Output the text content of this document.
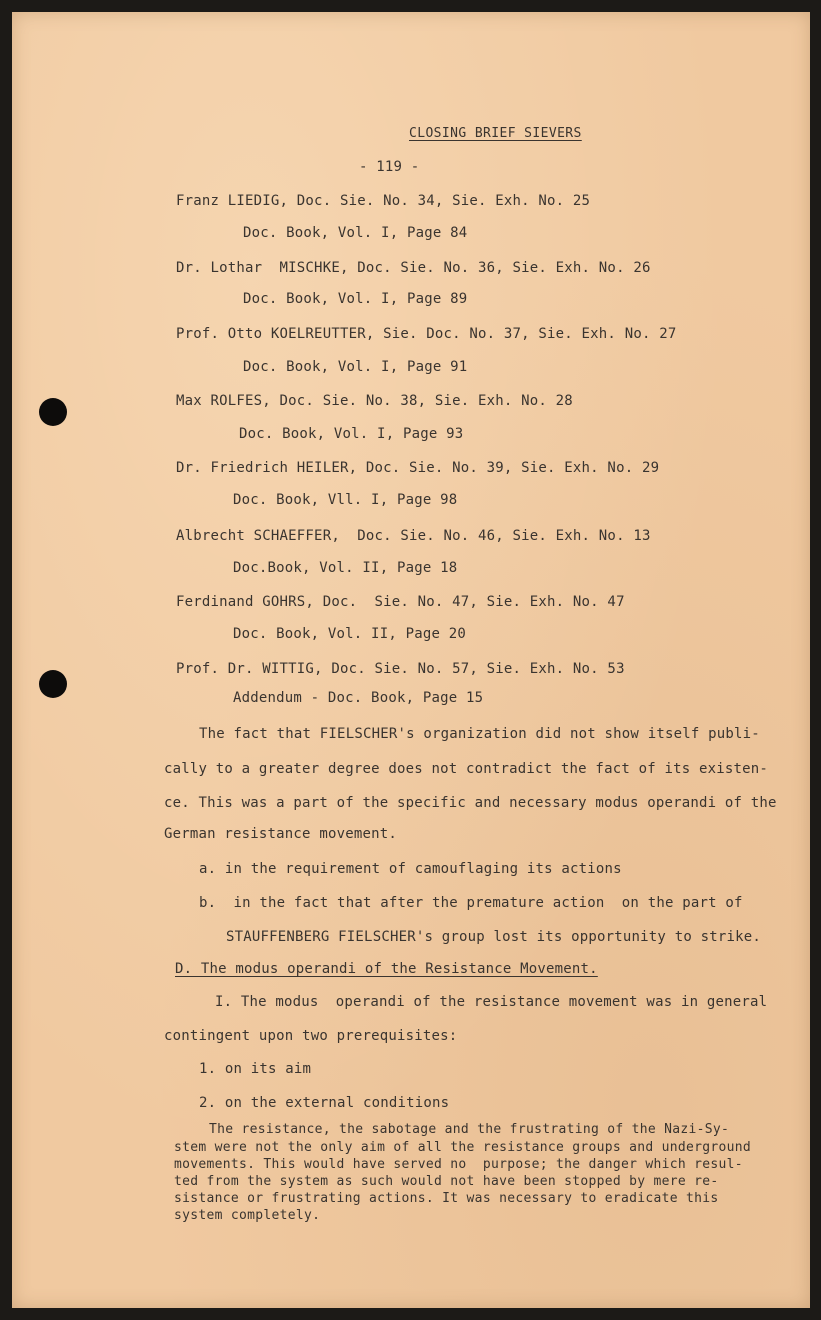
CLOSING BRIEF SIEVERS
- 119 -
Franz LIEDIG, Doc. Sie. No. 34, Sie. Exh. No. 25
Doc. Book, Vol. I, Page 84
Dr. Lothar  MISCHKE, Doc. Sie. No. 36, Sie. Exh. No. 26
Doc. Book, Vol. I, Page 89
Prof. Otto KOELREUTTER, Sie. Doc. No. 37, Sie. Exh. No. 27
Doc. Book, Vol. I, Page 91
Max ROLFES, Doc. Sie. No. 38, Sie. Exh. No. 28
Doc. Book, Vol. I, Page 93
Dr. Friedrich HEILER, Doc. Sie. No. 39, Sie. Exh. No. 29
Doc. Book, Vll. I, Page 98
Albrecht SCHAEFFER,  Doc. Sie. No. 46, Sie. Exh. No. 13
Doc.Book, Vol. II, Page 18
Ferdinand GOHRS, Doc.  Sie. No. 47, Sie. Exh. No. 47
Doc. Book, Vol. II, Page 20
Prof. Dr. WITTIG, Doc. Sie. No. 57, Sie. Exh. No. 53
Addendum - Doc. Book, Page 15
The fact that FIELSCHER's organization did not show itself publi-
cally to a greater degree does not contradict the fact of its existen-
ce. This was a part of the specific and necessary modus operandi of the
German resistance movement.
a. in the requirement of camouflaging its actions
b.  in the fact that after the premature action  on the part of
STAUFFENBERG FIELSCHER's group lost its opportunity to strike.
D. The modus operandi of the Resistance Movement.
I. The modus  operandi of the resistance movement was in general
contingent upon two prerequisites:
1. on its aim
2. on the external conditions
The resistance, the sabotage and the frustrating of the Nazi-Sy-
stem were not the only aim of all the resistance groups and underground
movements. This would have served no  purpose; the danger which resul-
ted from the system as such would not have been stopped by mere re-
sistance or frustrating actions. It was necessary to eradicate this
system completely.
